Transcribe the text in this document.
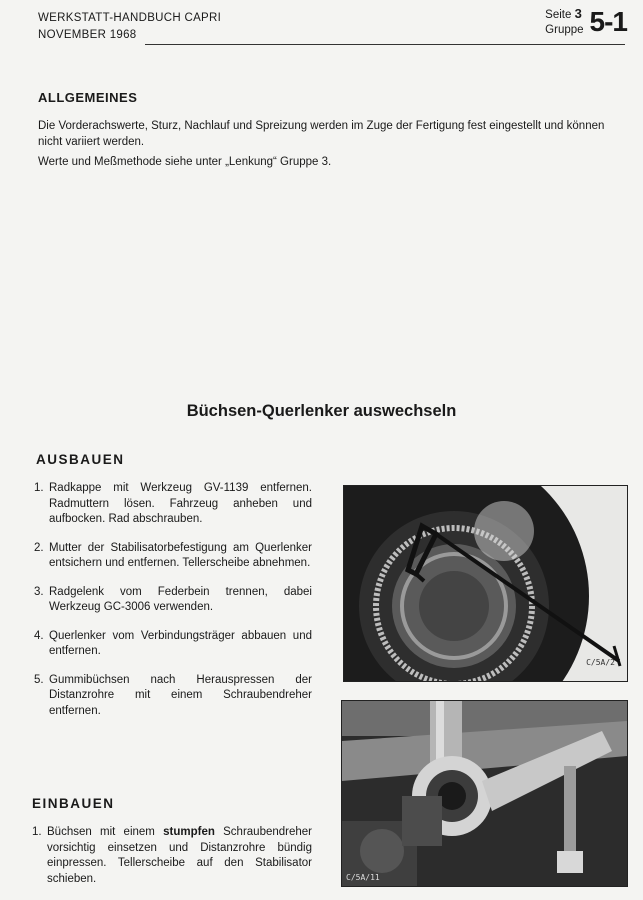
WERKSTATT-HANDBUCH CAPRI
NOVEMBER 1968
Seite 3
Gruppe 5-1
ALLGEMEINES
Die Vorderachswerte, Sturz, Nachlauf und Spreizung werden im Zuge der Fertigung fest eingestellt und können nicht variiert werden.
Werte und Meßmethode siehe unter „Lenkung“ Gruppe 3.
Büchsen-Querlenker auswechseln
AUSBAUEN
1. Radkappe mit Werkzeug GV-1139 entfernen. Radmuttern lösen. Fahrzeug anheben und aufbocken. Rad abschrauben.
2. Mutter der Stabilisatorbefestigung am Querlenker entsichern und entfernen. Tellerscheibe abnehmen.
3. Radgelenk vom Federbein trennen, dabei Werkzeug GC-3006 verwenden.
4. Querlenker vom Verbindungsträger abbauen und entfernen.
5. Gummibüchsen nach Herauspressen der Distanzrohre mit einem Schraubendreher entfernen.
EINBAUEN
1. Büchsen mit einem stumpfen Schraubendreher vorsichtig einsetzen und Distanzrohre bündig einpressen. Tellerscheibe auf den Stabilisator schieben.
C/5A/2
C/5A/11
